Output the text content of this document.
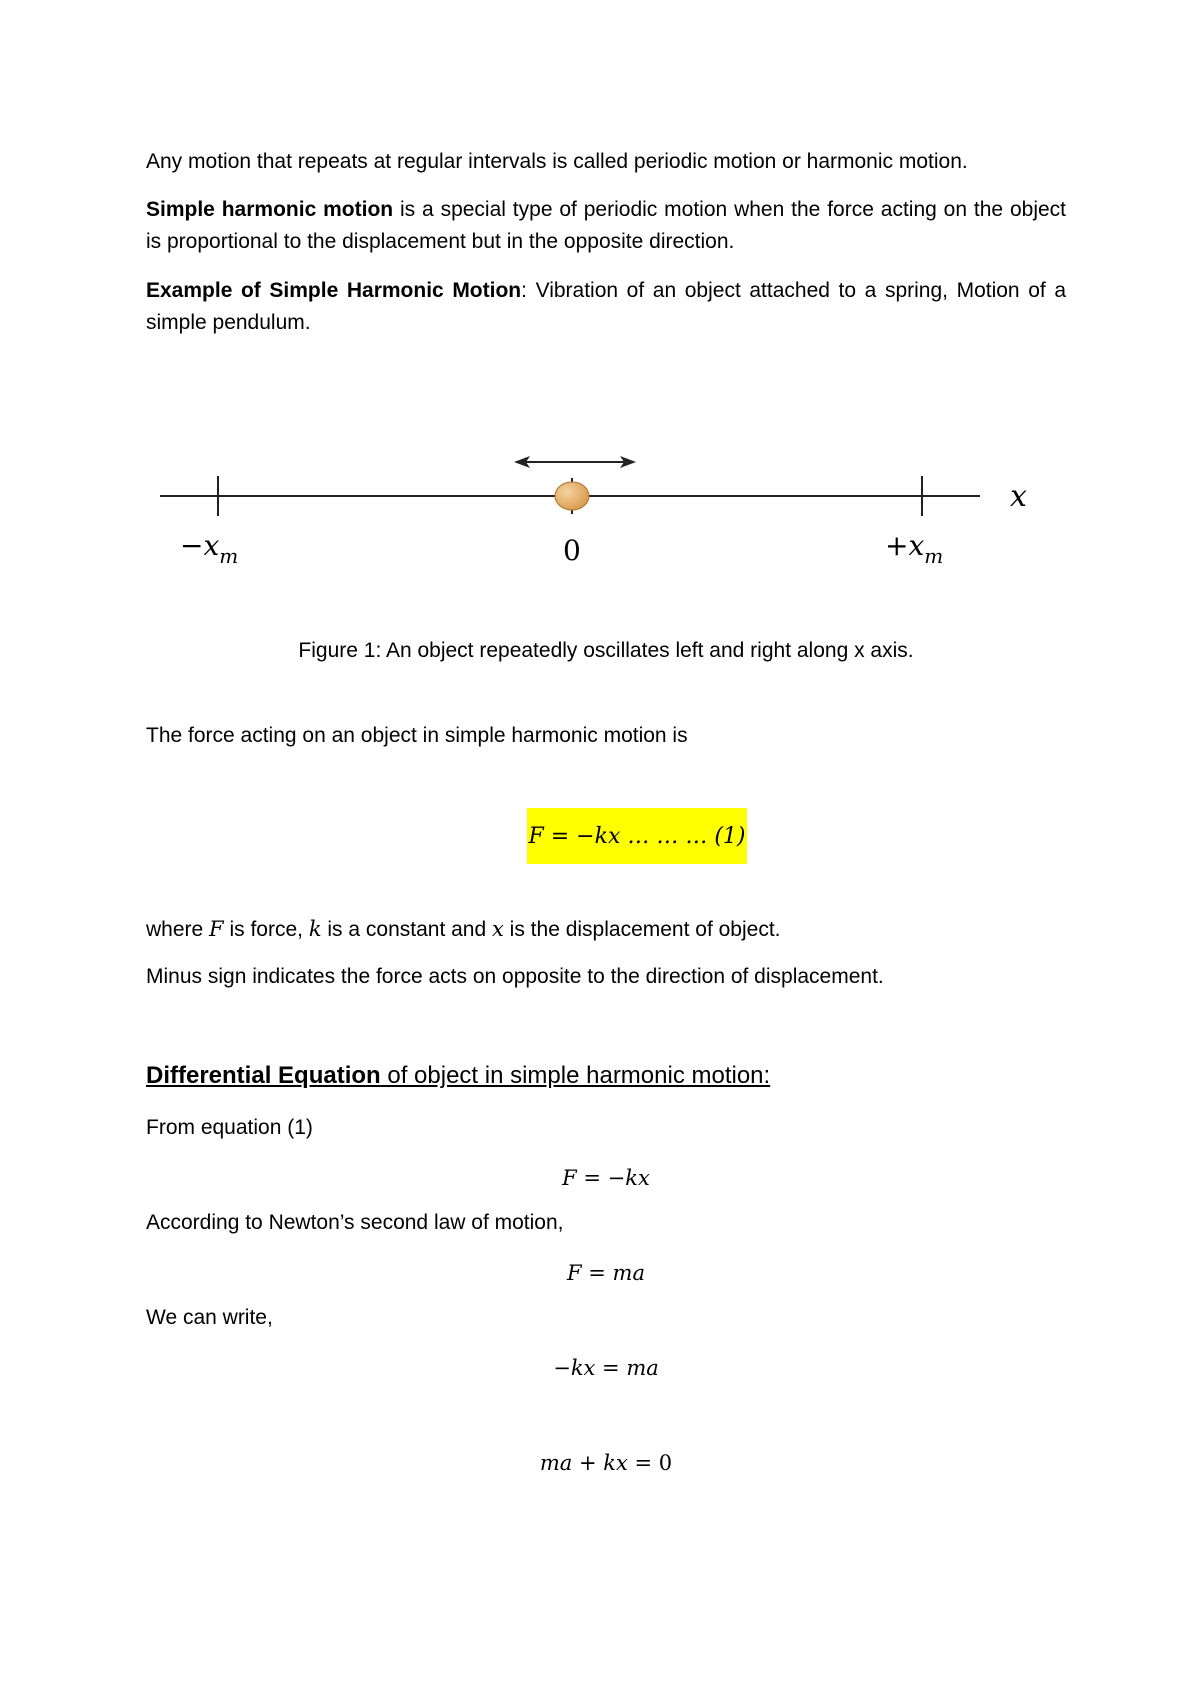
Any motion that repeats at regular intervals is called periodic motion or harmonic motion.

Simple harmonic motion is a special type of periodic motion when the force acting on the object is proportional to the displacement but in the opposite direction.

Example of Simple Harmonic Motion: Vibration of an object attached to a spring, Motion of a simple pendulum.

x
$-x_m$	0	$+x_m$

Figure 1: An object repeatedly oscillates left and right along x axis.

The force acting on an object in simple harmonic motion is

F = −kx … … … (1)

where F is force, k is a constant and x is the displacement of object.

Minus sign indicates the force acts on opposite to the direction of displacement.

Differential Equation of object in simple harmonic motion:

From equation (1)

F = −kx

According to Newton’s second law of motion,

F = ma

We can write,

−kx = ma

ma + kx = 0
